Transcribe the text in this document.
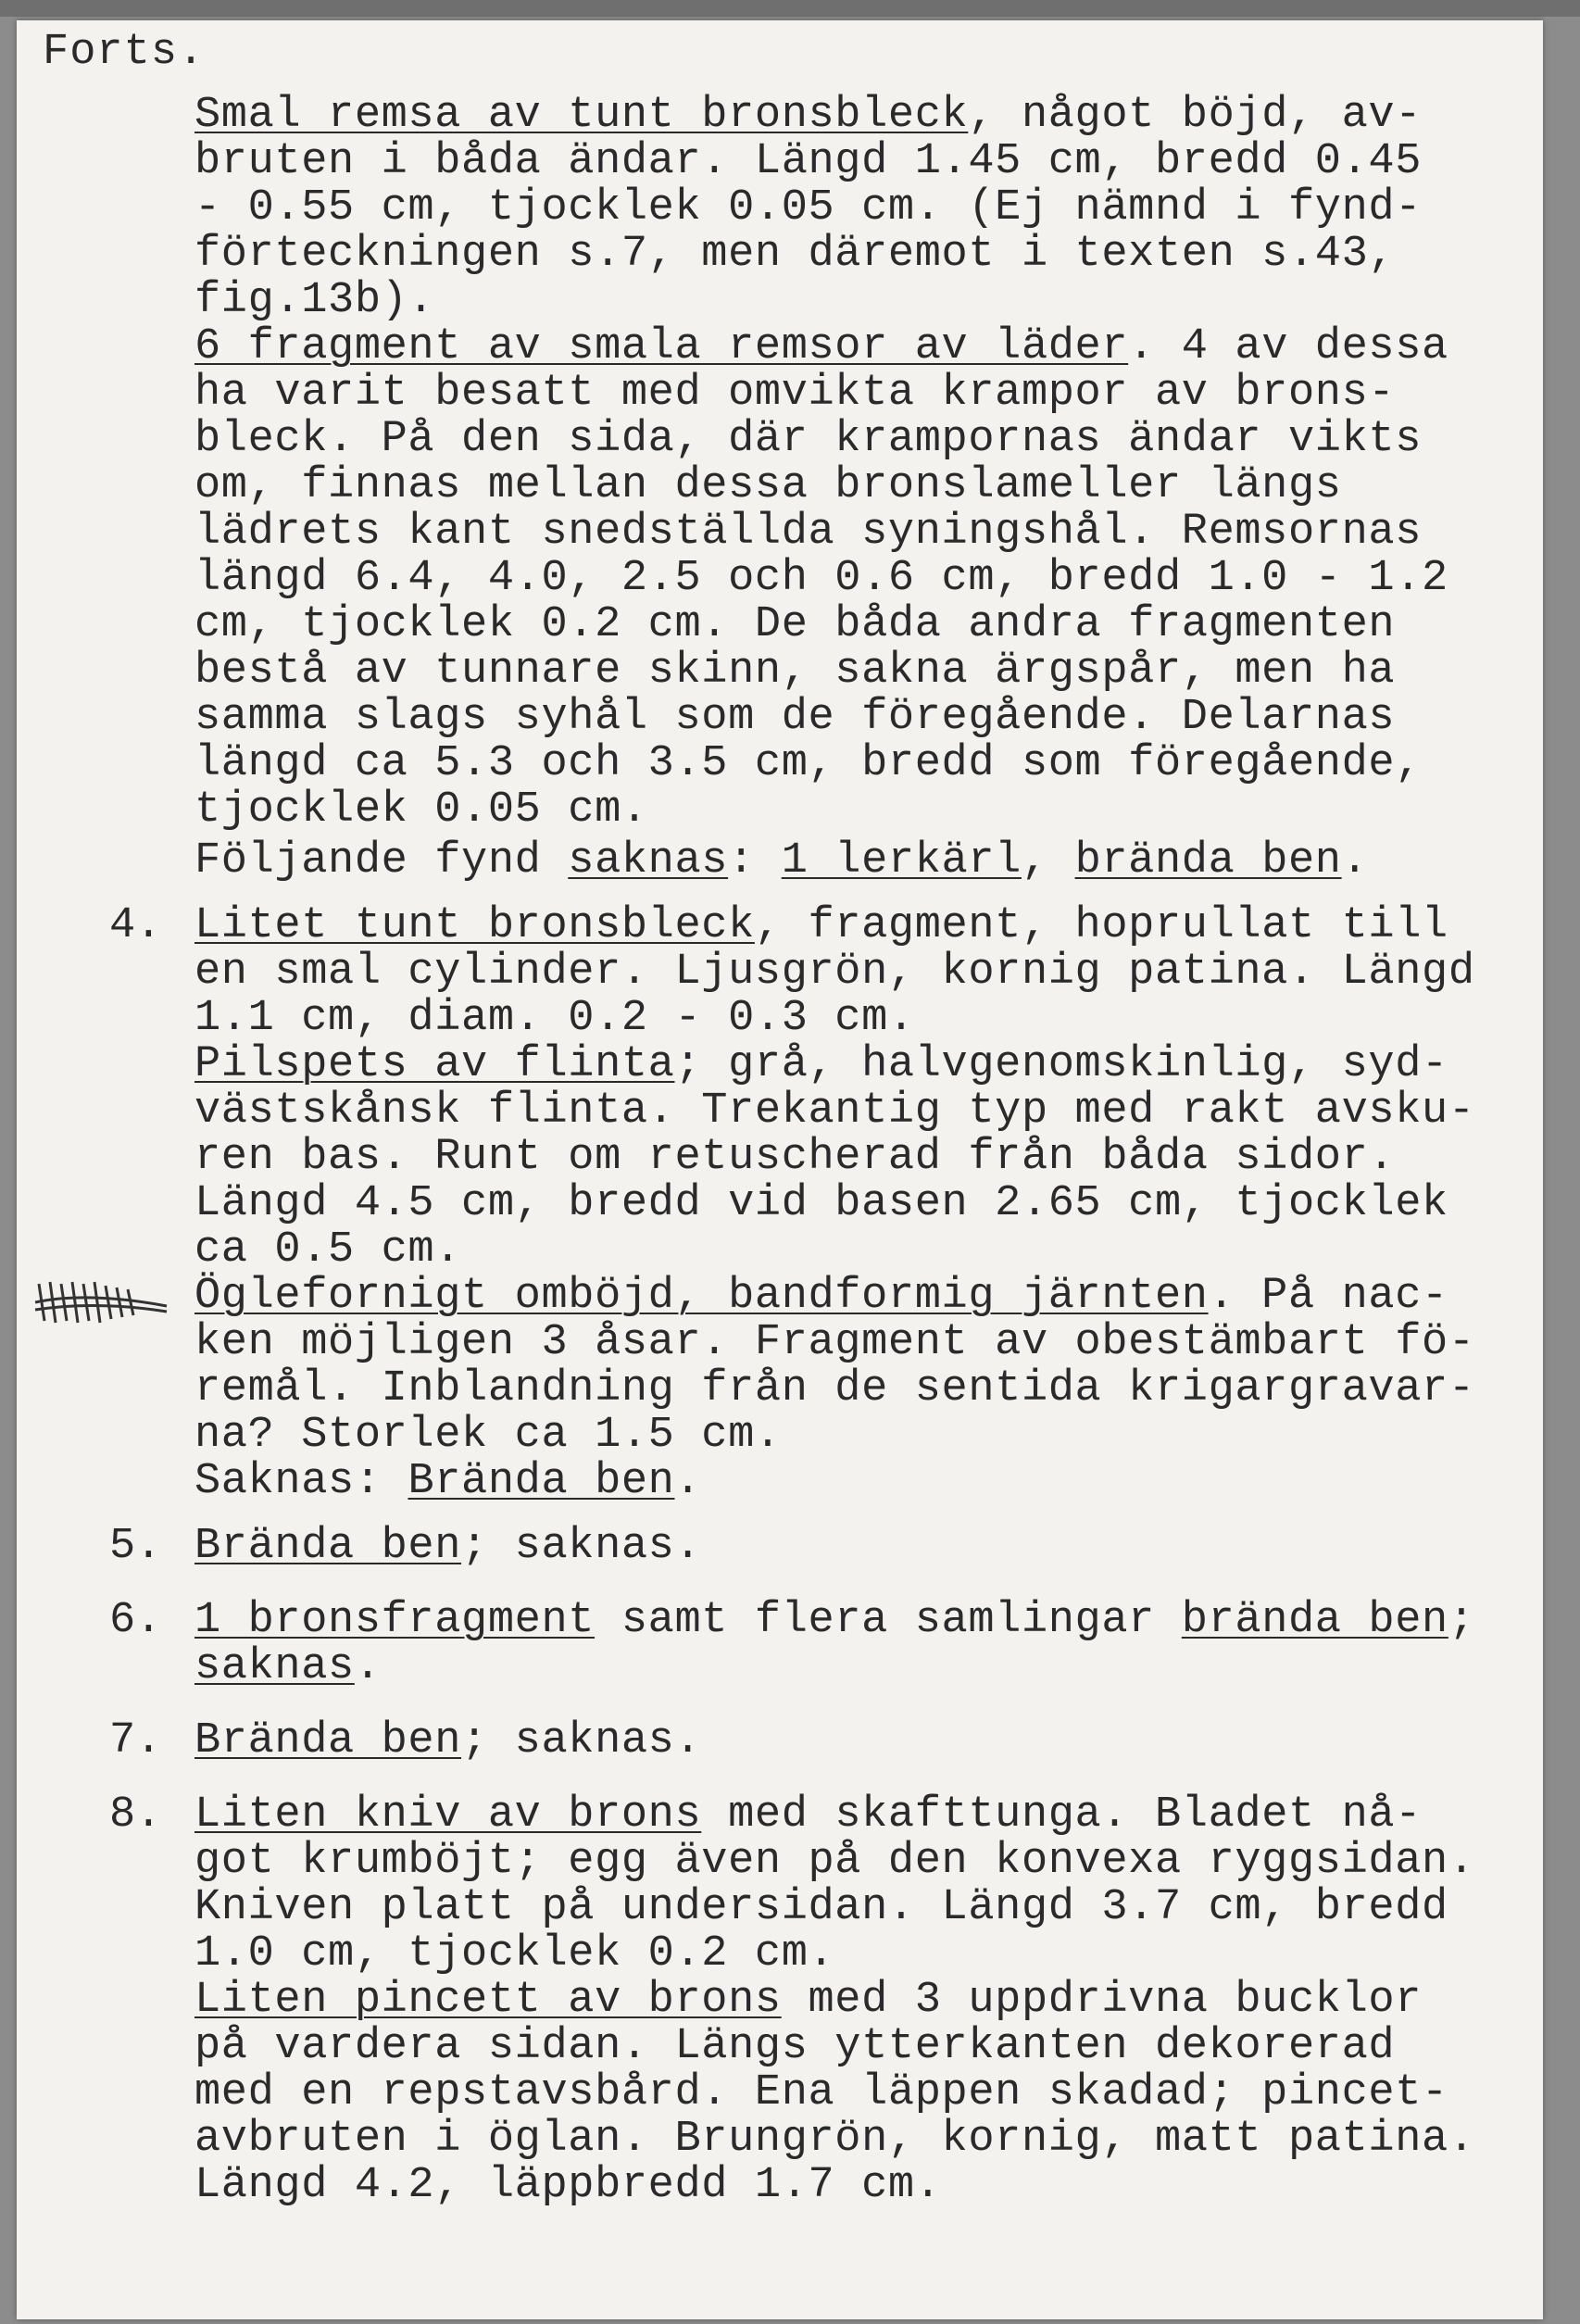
Forts.
Smal remsa av tunt bronsbleck, något böjd, av-
bruten i båda ändar. Längd 1.45 cm, bredd 0.45
- 0.55 cm, tjocklek 0.05 cm. (Ej nämnd i fynd-
förteckningen s.7, men däremot i texten s.43,
fig.13b).
6 fragment av smala remsor av läder. 4 av dessa
ha varit besatt med omvikta krampor av brons-
bleck. På den sida, där krampornas ändar vikts
om, finnas mellan dessa bronslameller längs
lädrets kant snedställda syningshål. Remsornas
längd 6.4, 4.0, 2.5 och 0.6 cm, bredd 1.0 - 1.2
cm, tjocklek 0.2 cm. De båda andra fragmenten
bestå av tunnare skinn, sakna ärgspår, men ha
samma slags syhål som de föregående. Delarnas
längd ca 5.3 och 3.5 cm, bredd som föregående,
tjocklek 0.05 cm.
Följande fynd saknas: 1 lerkärl, brända ben.
4. Litet tunt bronsbleck, fragment, hoprullat till
en smal cylinder. Ljusgrön, kornig patina. Längd
1.1 cm, diam. 0.2 - 0.3 cm.
Pilspets av flinta; grå, halvgenomskinlig, syd-
västskånsk flinta. Trekantig typ med rakt avsku-
ren bas. Runt om retuscherad från båda sidor.
Längd 4.5 cm, bredd vid basen 2.65 cm, tjocklek
ca 0.5 cm.
Öglefornigt omböjd, bandformig järnten. På nac-
ken möjligen 3 åsar. Fragment av obestämbart fö-
remål. Inblandning från de sentida krigargravar-
na? Storlek ca 1.5 cm.
Saknas: Brända ben.
5. Brända ben; saknas.
6. 1 bronsfragment samt flera samlingar brända ben;
saknas.
7. Brända ben; saknas.
8. Liten kniv av brons med skafttunga. Bladet nå-
got krumböjt; egg även på den konvexa ryggsidan.
Kniven platt på undersidan. Längd 3.7 cm, bredd
1.0 cm, tjocklek 0.2 cm.
Liten pincett av brons med 3 uppdrivna bucklor
på vardera sidan. Längs ytterkanten dekorerad
med en repstavsbård. Ena läppen skadad; pincet-
avbruten i öglan. Brungrön, kornig, matt patina.
Längd 4.2, läppbredd 1.7 cm.
